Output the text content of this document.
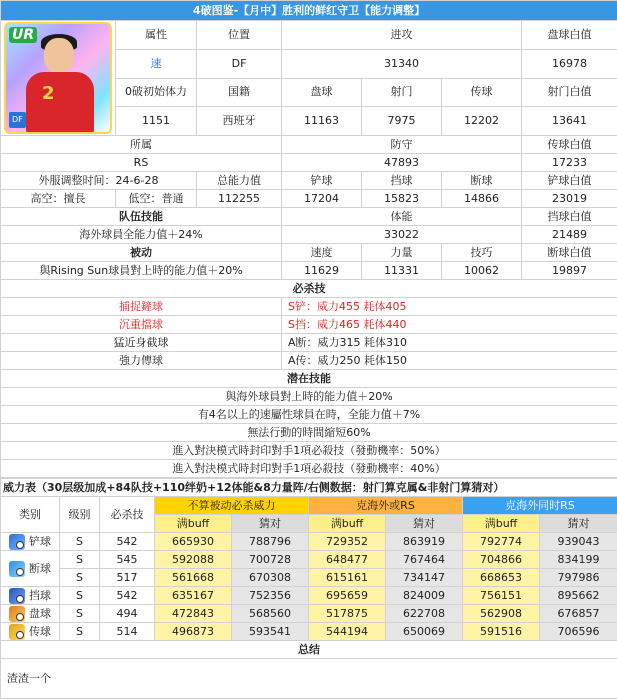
4破图鉴-【月中】胜利的鲜红守卫【能力调整】						

UR
2
DF	属性	位置	进攻			盘球白值
	速	DF	31340			16978
	0破初始体力	国籍	盘球	射门	传球	射门白值
	1151	西班牙	11163	7975	12202	13641
所属			防守			传球白值
RS			47893			17233
外服调整时间：24-6-28		总能力值	铲球	挡球	断球	铲球白值
高空：擅長	低空：普通	112255	17204	15823	14866	23019
队伍技能			体能			挡球白值
海外球員全能力值＋24%			33022			21489
被动			速度	力量	技巧	断球白值
與Rising Sun球員對上時的能力值＋20%			11629	11331	10062	19897
必杀技						
捕捉鏟球			S铲：威力455 耗体405			
沉重擋球			S挡：威力465 耗体440			
猛近身截球			A断：威力315 耗体310			
強力傳球			A传：威力250 耗体150			
潜在技能						
與海外球員對上時的能力值＋20%						
有4名以上的速屬性球員在時，全能力值＋7%						
無法行動的時間縮短60%						
進入對決模式時封印對手1項必殺技（發動機率：50%）						
進入對決模式時封印對手1項必殺技（發動機率：40%）						
威力表（30层级加成+84队技+110绊奶+12体能&8力量阵/右侧数据：射门算克属&非射门算猜对）								
类别	级别	必杀技	不算被动必杀威力		克海外或RS		克海外同时RS	
			满buff	猜对	满buff	猜对	满buff	猜对
铲球	S	542	665930	788796	729352	863919	792774	939043
断球	S	545	592088	700728	648477	767464	704866	834199
	S	517	561668	670308	615161	734147	668653	797986
挡球	S	542	635167	752356	695659	824009	756151	895662
盘球	S	494	472843	568560	517875	622708	562908	676857
传球	S	514	496873	593541	544194	650069	591516	706596
总结								
渣渣一个								
